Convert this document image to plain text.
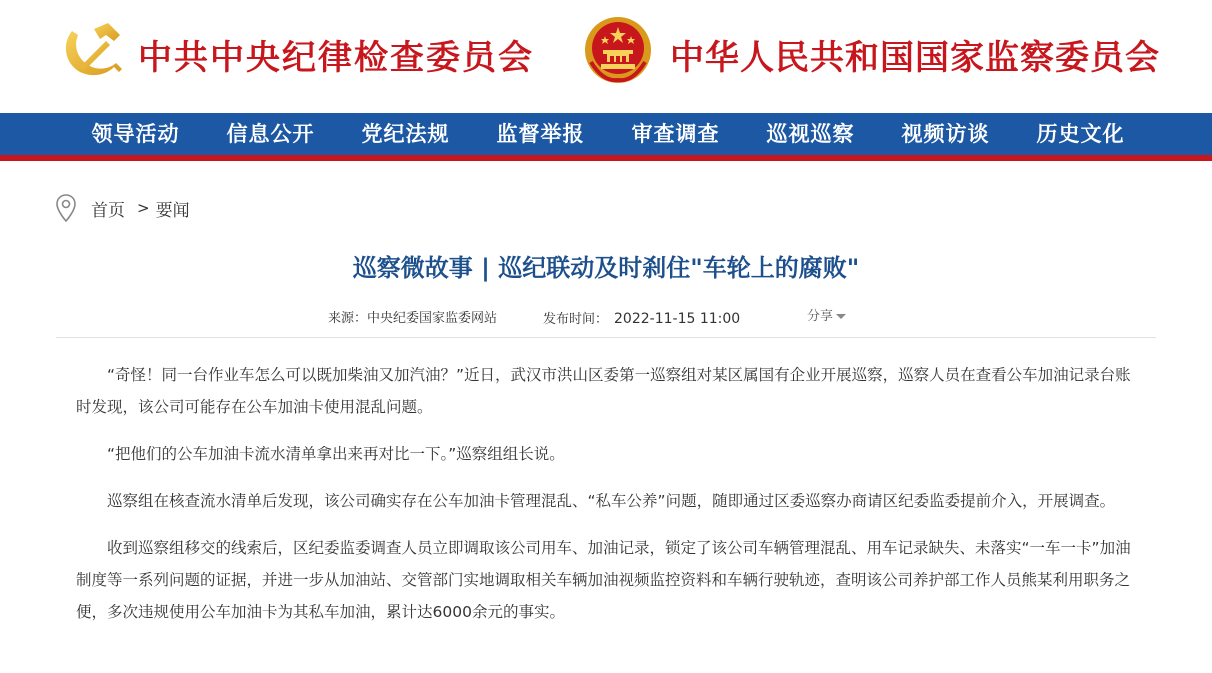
中共中央纪律检查委员会	中华人民共和国国家监察委员会
领导活动	信息公开	党纪法规	监督举报	审查调查	巡视巡察	视频访谈	历史文化
首页 > 要闻
巡察微故事 | 巡纪联动及时刹住"车轮上的腐败"
来源：中央纪委国家监委网站	发布时间： 2022-11-15 11:00	分享

“奇怪！同一台作业车怎么可以既加柴油又加汽油？”近日，武汉市洪山区委第一巡察组对某区属国有企业开展巡察，巡察人员在查看公车加油记录台账时发现，该公司可能存在公车加油卡使用混乱问题。

“把他们的公车加油卡流水清单拿出来再对比一下。”巡察组组长说。

巡察组在核查流水清单后发现，该公司确实存在公车加油卡管理混乱、“私车公养”问题，随即通过区委巡察办商请区纪委监委提前介入，开展调查。

收到巡察组移交的线索后，区纪委监委调查人员立即调取该公司用车、加油记录，锁定了该公司车辆管理混乱、用车记录缺失、未落实“一车一卡”加油制度等一系列问题的证据，并进一步从加油站、交管部门实地调取相关车辆加油视频监控资料和车辆行驶轨迹，查明该公司养护部工作人员熊某利用职务之便，多次违规使用公车加油卡为其私车加油，累计达6000余元的事实。
